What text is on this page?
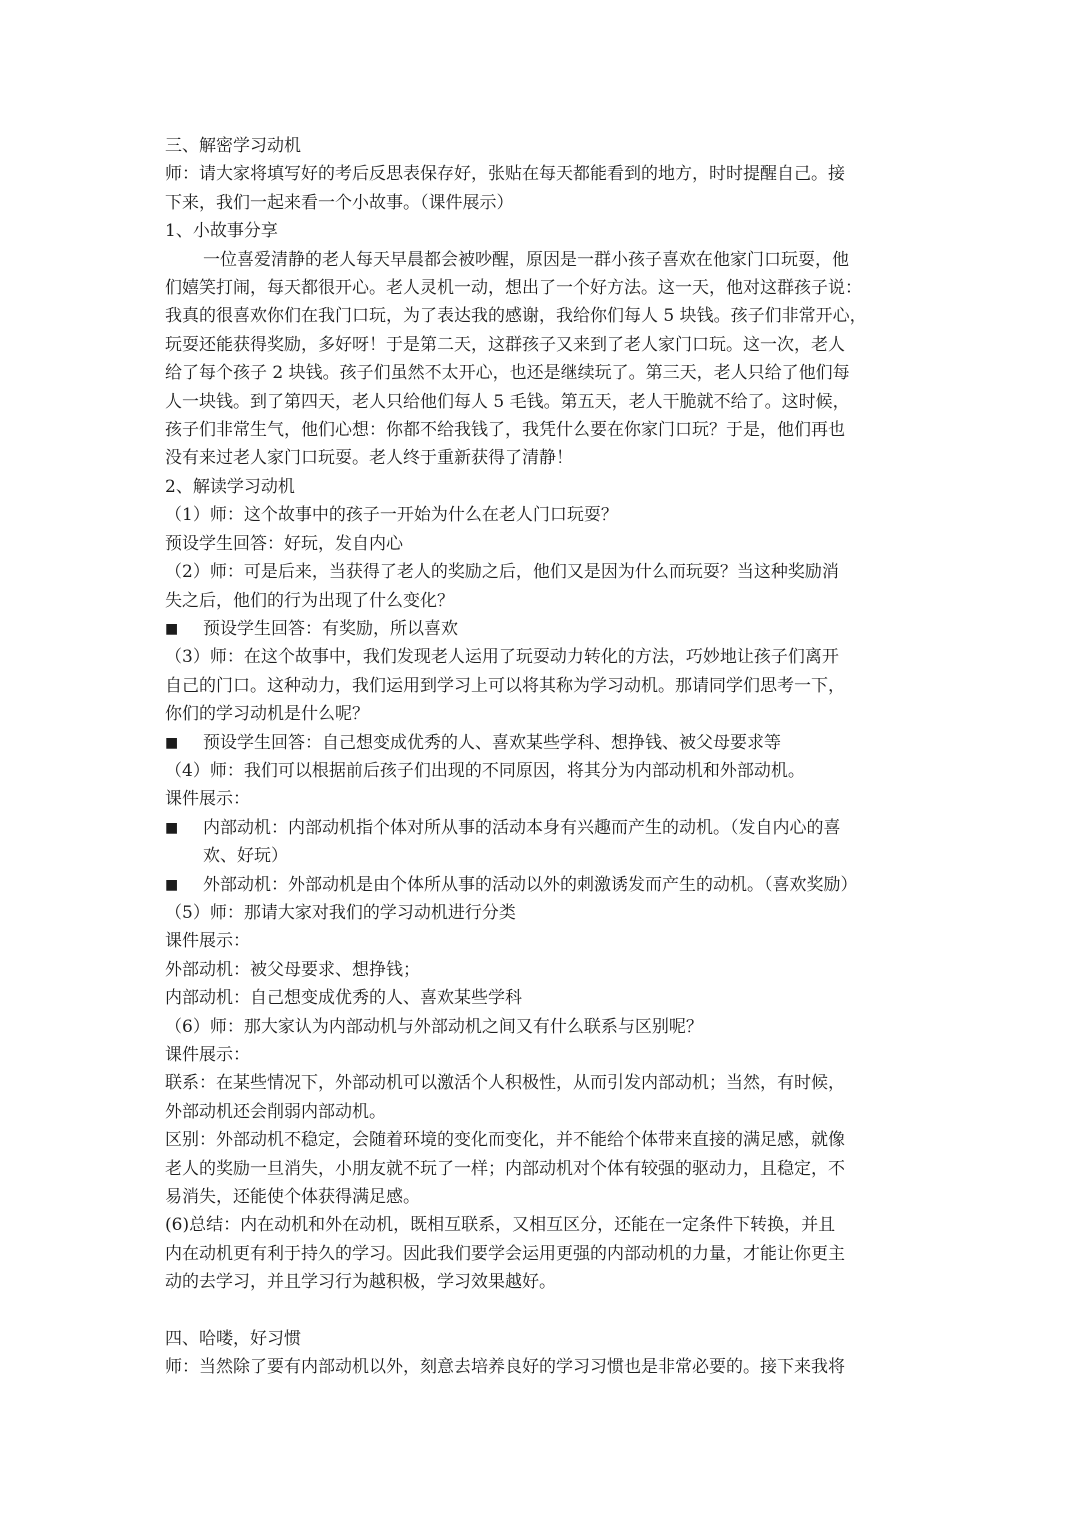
三、解密学习动机
师：请大家将填写好的考后反思表保存好，张贴在每天都能看到的地方，时时提醒自己。接
下来，我们一起来看一个小故事。（课件展示）
1、小故事分享
一位喜爱清静的老人每天早晨都会被吵醒，原因是一群小孩子喜欢在他家门口玩耍，他
们嬉笑打闹，每天都很开心。老人灵机一动，想出了一个好方法。这一天，他对这群孩子说：
我真的很喜欢你们在我门口玩，为了表达我的感谢，我给你们每人 5 块钱。孩子们非常开心，
玩耍还能获得奖励，多好呀！于是第二天，这群孩子又来到了老人家门口玩。这一次，老人
给了每个孩子 2 块钱。孩子们虽然不太开心，也还是继续玩了。第三天，老人只给了他们每
人一块钱。到了第四天，老人只给他们每人 5 毛钱。第五天，老人干脆就不给了。这时候，
孩子们非常生气，他们心想：你都不给我钱了，我凭什么要在你家门口玩？于是，他们再也
没有来过老人家门口玩耍。老人终于重新获得了清静！
2、解读学习动机
（1）师：这个故事中的孩子一开始为什么在老人门口玩耍？
预设学生回答：好玩，发自内心
（2）师：可是后来，当获得了老人的奖励之后，他们又是因为什么而玩耍？当这种奖励消
失之后，他们的行为出现了什么变化？
■	预设学生回答：有奖励，所以喜欢
（3）师：在这个故事中，我们发现老人运用了玩耍动力转化的方法，巧妙地让孩子们离开
自己的门口。这种动力，我们运用到学习上可以将其称为学习动机。那请同学们思考一下，
你们的学习动机是什么呢？
■	预设学生回答：自己想变成优秀的人、喜欢某些学科、想挣钱、被父母要求等
（4）师：我们可以根据前后孩子们出现的不同原因，将其分为内部动机和外部动机。
课件展示：
■	内部动机：内部动机指个体对所从事的活动本身有兴趣而产生的动机。（发自内心的喜
欢、好玩）
■	外部动机：外部动机是由个体所从事的活动以外的刺激诱发而产生的动机。（喜欢奖励）
（5）师：那请大家对我们的学习动机进行分类
课件展示：
外部动机：被父母要求、想挣钱；
内部动机：自己想变成优秀的人、喜欢某些学科
（6）师：那大家认为内部动机与外部动机之间又有什么联系与区别呢？
课件展示：
联系：在某些情况下，外部动机可以激活个人积极性，从而引发内部动机；当然，有时候，
外部动机还会削弱内部动机。
区别：外部动机不稳定，会随着环境的变化而变化，并不能给个体带来直接的满足感，就像
老人的奖励一旦消失，小朋友就不玩了一样；内部动机对个体有较强的驱动力，且稳定，不
易消失，还能使个体获得满足感。
(6)总结：内在动机和外在动机，既相互联系，又相互区分，还能在一定条件下转换，并且
内在动机更有利于持久的学习。因此我们要学会运用更强的内部动机的力量，才能让你更主
动的去学习，并且学习行为越积极，学习效果越好。
四、哈喽，好习惯
师：当然除了要有内部动机以外，刻意去培养良好的学习习惯也是非常必要的。接下来我将
